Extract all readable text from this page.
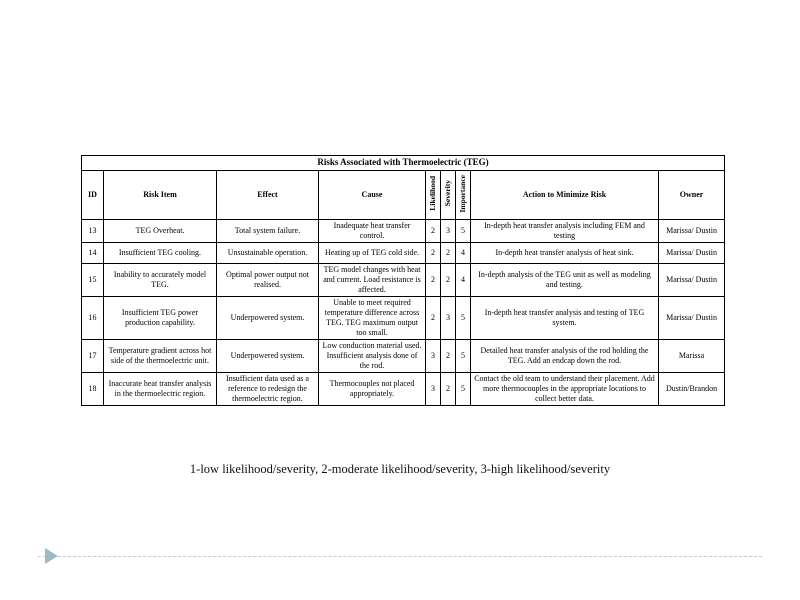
Risks Associated with Thermoelectric (TEG)								
ID	Risk Item	Effect	Cause	Likelihood	Severity	Importance	Action to Minimize Risk	Owner
13	TEG Overheat.	Total system failure.	Inadequate heat transfer control.	2	3	5	In-depth heat transfer analysis including FEM and testing	Marissa/ Dustin
14	Insufficient TEG cooling.	Unsustainable operation.	Heating up of TEG cold side.	2	2	4	In-depth heat transfer analysis of heat sink.	Marissa/ Dustin
15	Inability to accurately model TEG.	Optimal power output not realised.	TEG model changes with heat and current. Load resistance is affected.	2	2	4	In-depth analysis of the TEG unit as well as modeling and testing.	Marissa/ Dustin
16	Insufficient TEG power production capability.	Underpowered system.	Unable to meet required temperature difference across TEG. TEG maximum output too small.	2	3	5	In-depth heat transfer analysis and testing of TEG system.	Marissa/ Dustin
17	Temperature gradient across hot side of the thermoelectric unit.	Underpowered system.	Low conduction material used. Insufficient analysis done of the rod.	3	2	5	Detailed heat transfer analysis of the rod holding the TEG. Add an endcap down the rod.	Marissa
18	Inaccurate heat transfer analysis in the thermoelectric region.	Insufficient data used as a reference to redesign the thermoelectric region.	Thermocouples not placed appropriately.	3	2	5	Contact the old team to understand their placement. Add more thermocouples in the appropriate locations to collect better data.	Dustin/Brandon
1-low likelihood/severity, 2-moderate likelihood/severity, 3-high likelihood/severity
